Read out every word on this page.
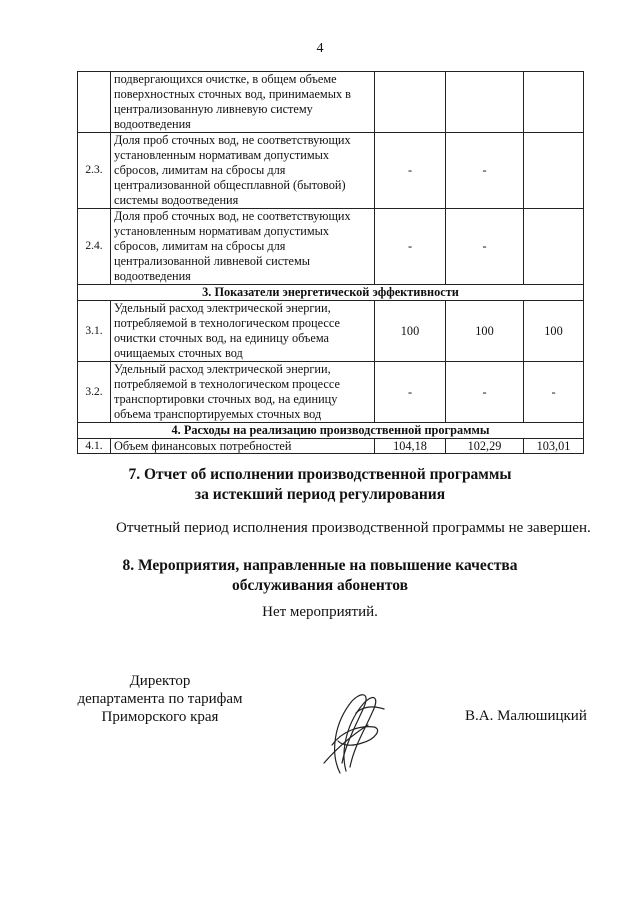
4
	подвергающихся очистке, в общем объеме поверхностных сточных вод, принимаемых в централизованную ливневую систему водоотведения			
2.3.	Доля проб сточных вод, не соответствующих установленным нормативам допустимых сбросов, лимитам на сбросы для централизованной общесплавной (бытовой) системы водоотведения	-	-	
2.4.	Доля проб сточных вод, не соответствующих установленным нормативам допустимых сбросов, лимитам на сбросы для централизованной ливневой системы водоотведения	-	-	
3. Показатели энергетической эффективности				
3.1.	Удельный расход электрической энергии, потребляемой в технологическом процессе очистки сточных вод, на единицу объема очищаемых сточных вод	100	100	100
3.2.	Удельный расход электрической энергии, потребляемой в технологическом процессе транспортировки сточных вод, на единицу объема транспортируемых сточных вод	-	-	-
4. Расходы на реализацию производственной программы				
4.1.	Объем финансовых потребностей	104,18	102,29	103,01
7. Отчет об исполнении производственной программы
за истекший период регулирования
Отчетный период исполнения производственной программы не завершен.
8. Мероприятия, направленные на повышение качества
обслуживания абонентов
Нет мероприятий.
Директор
департамента по тарифам
Приморского края	В.А. Малюшицкий
